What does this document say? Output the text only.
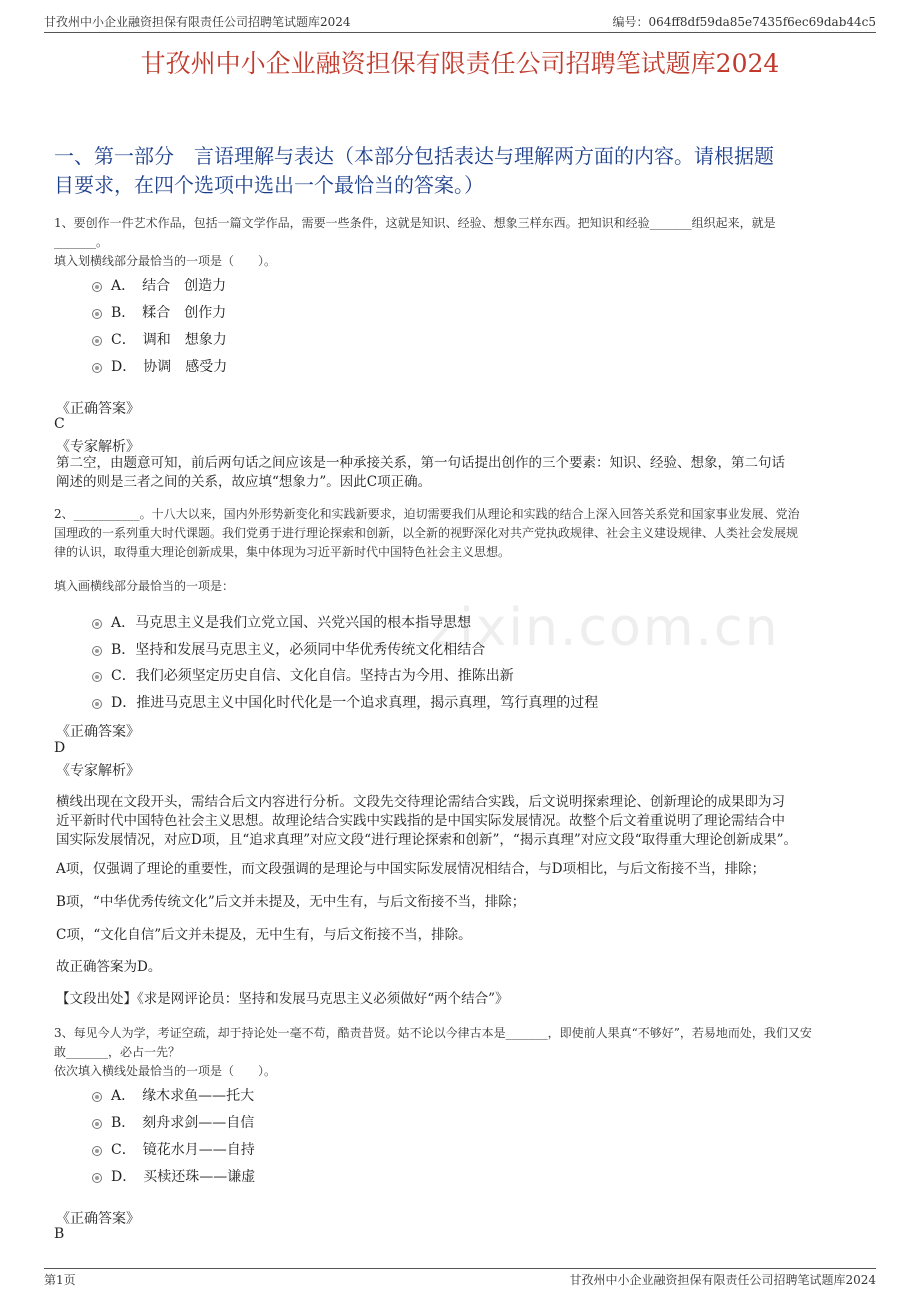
甘孜州中小企业融资担保有限责任公司招聘笔试题库2024	编号：064ff8df59da85e7435f6ec69dab44c5
甘孜州中小企业融资担保有限责任公司招聘笔试题库2024
一、第一部分　言语理解与表达（本部分包括表达与理解两方面的内容。请根据题
目要求，在四个选项中选出一个最恰当的答案。）
zixin.com.cn
1、要创作一件艺术作品，包括一篇文学作品，需要一些条件，这就是知识、经验、想象三样东西。把知识和经验_______组织起来，就是
_______。
填入划横线部分最恰当的一项是（　　）。
A．　结合　创造力
B．　糅合　创作力
C．　调和　想象力
D．　协调　感受力
《正确答案》
C
《专家解析》
第二空，由题意可知，前后两句话之间应该是一种承接关系，第一句话提出创作的三个要素：知识、经验、想象，第二句话
阐述的则是三者之间的关系，故应填“想象力”。因此C项正确。
2、___________。十八大以来，国内外形势新变化和实践新要求，迫切需要我们从理论和实践的结合上深入回答关系党和国家事业发展、党治
国理政的一系列重大时代课题。我们党勇于进行理论探索和创新，以全新的视野深化对共产党执政规律、社会主义建设规律、人类社会发展规
律的认识，取得重大理论创新成果，集中体现为习近平新时代中国特色社会主义思想。
填入画横线部分最恰当的一项是：
A．马克思主义是我们立党立国、兴党兴国的根本指导思想
B．坚持和发展马克思主义，必须同中华优秀传统文化相结合
C．我们必须坚定历史自信、文化自信。坚持古为今用、推陈出新
D．推进马克思主义中国化时代化是一个追求真理，揭示真理，笃行真理的过程
《正确答案》
D
《专家解析》
横线出现在文段开头，需结合后文内容进行分析。文段先交待理论需结合实践，后文说明探索理论、创新理论的成果即为习
近平新时代中国特色社会主义思想。故理论结合实践中实践指的是中国实际发展情况。故整个后文着重说明了理论需结合中
国实际发展情况，对应D项，且“追求真理”对应文段“进行理论探索和创新”，“揭示真理”对应文段“取得重大理论创新成果”。
A项，仅强调了理论的重要性，而文段强调的是理论与中国实际发展情况相结合，与D项相比，与后文衔接不当，排除；
B项，“中华优秀传统文化”后文并未提及，无中生有，与后文衔接不当，排除；
C项，“文化自信”后文并未提及，无中生有，与后文衔接不当，排除。
故正确答案为D。
【文段出处】《求是网评论员：坚持和发展马克思主义必须做好“两个结合”》
3、每见今人为学，考证空疏，却于持论处一毫不苟，酷责昔贤。姑不论以今律古本是_______，即使前人果真“不够好”，若易地而处，我们又安
敢_______，必占一先？
依次填入横线处最恰当的一项是（　　）。
A．　缘木求鱼——托大
B．　刻舟求剑——自信
C．　镜花水月——自持
D．　买椟还珠——谦虚
《正确答案》
B
第1页	甘孜州中小企业融资担保有限责任公司招聘笔试题库2024
